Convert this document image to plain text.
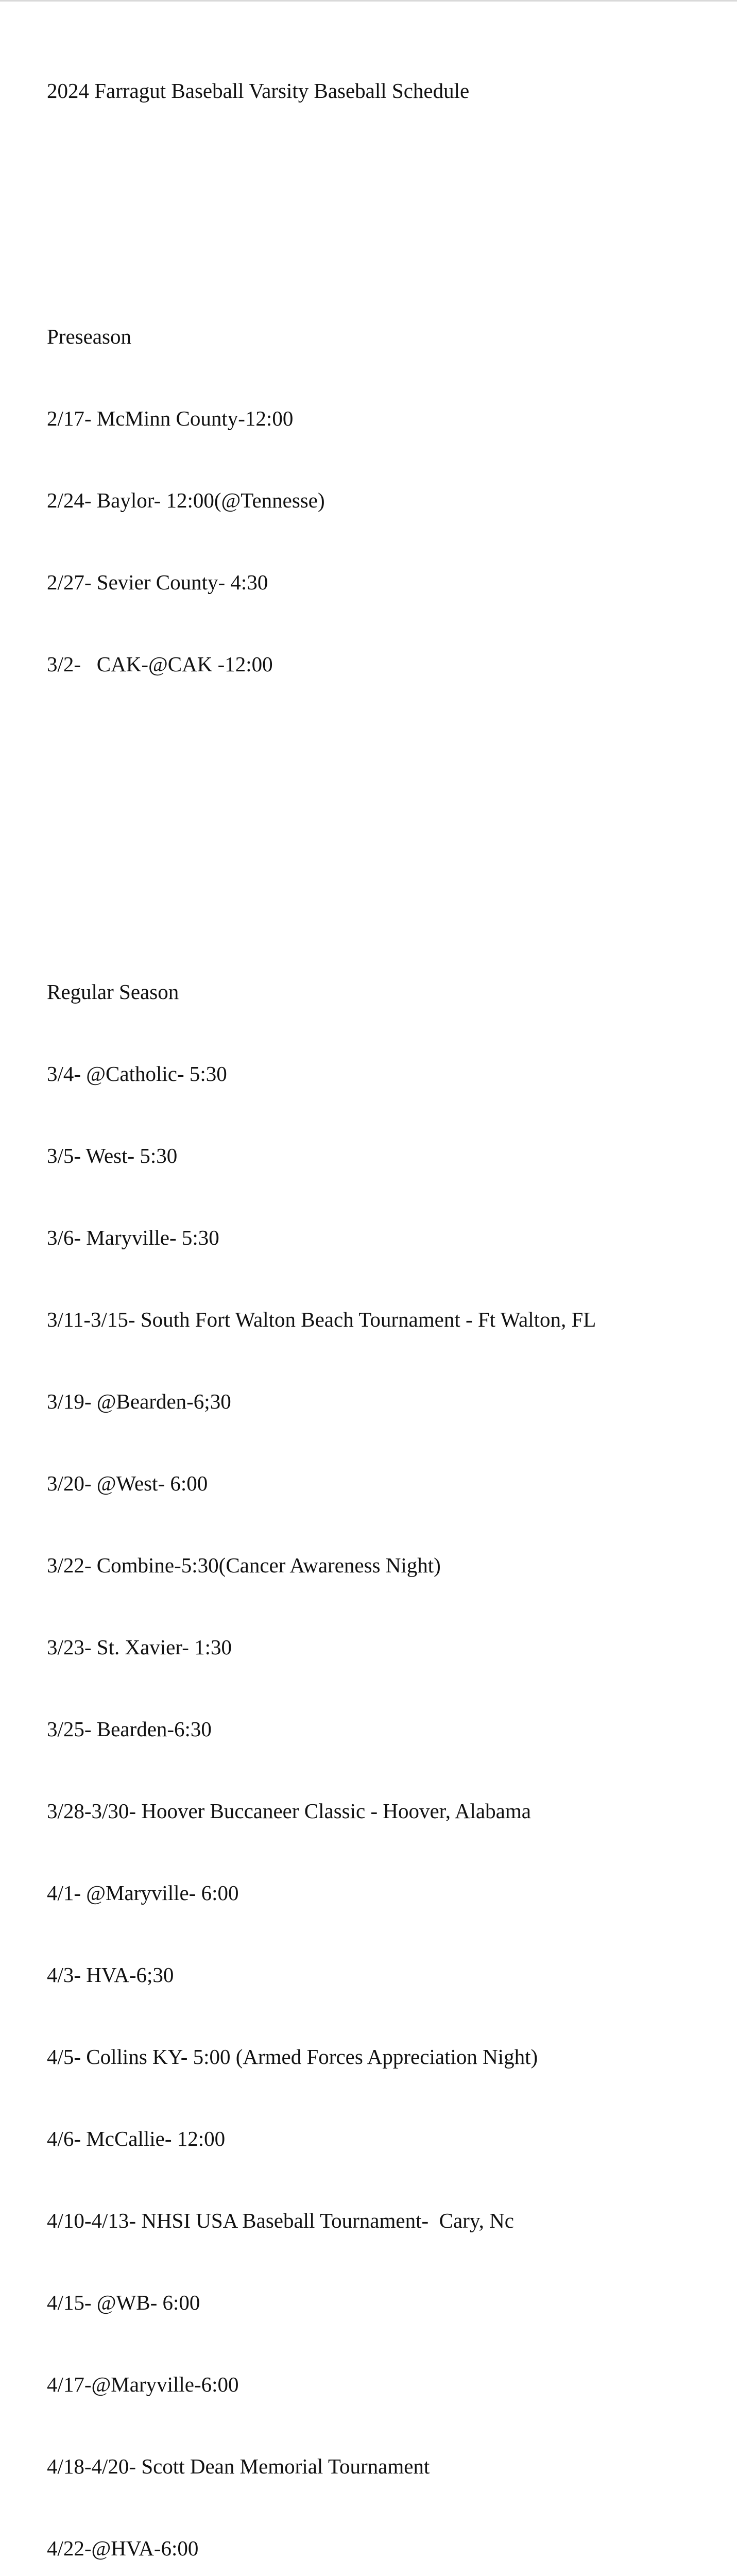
2024 Farragut Baseball Varsity Baseball Schedule

Preseason

2/17- McMinn County-12:00

2/24- Baylor- 12:00(@Tennesse)

2/27- Sevier County- 4:30

3/2-   CAK-@CAK -12:00

Regular Season

3/4- @Catholic- 5:30

3/5- West- 5:30

3/6- Maryville- 5:30

3/11-3/15- South Fort Walton Beach Tournament - Ft Walton, FL

3/19- @Bearden-6;30

3/20- @West- 6:00

3/22- Combine-5:30(Cancer Awareness Night)

3/23- St. Xavier- 1:30

3/25- Bearden-6:30

3/28-3/30- Hoover Buccaneer Classic - Hoover, Alabama

4/1- @Maryville- 6:00

4/3- HVA-6;30

4/5- Collins KY- 5:00 (Armed Forces Appreciation Night)

4/6- McCallie- 12:00

4/10-4/13- NHSI USA Baseball Tournament-  Cary, Nc

4/15- @WB- 6:00

4/17-@Maryville-6:00

4/18-4/20- Scott Dean Memorial Tournament

4/22-@HVA-6:00
